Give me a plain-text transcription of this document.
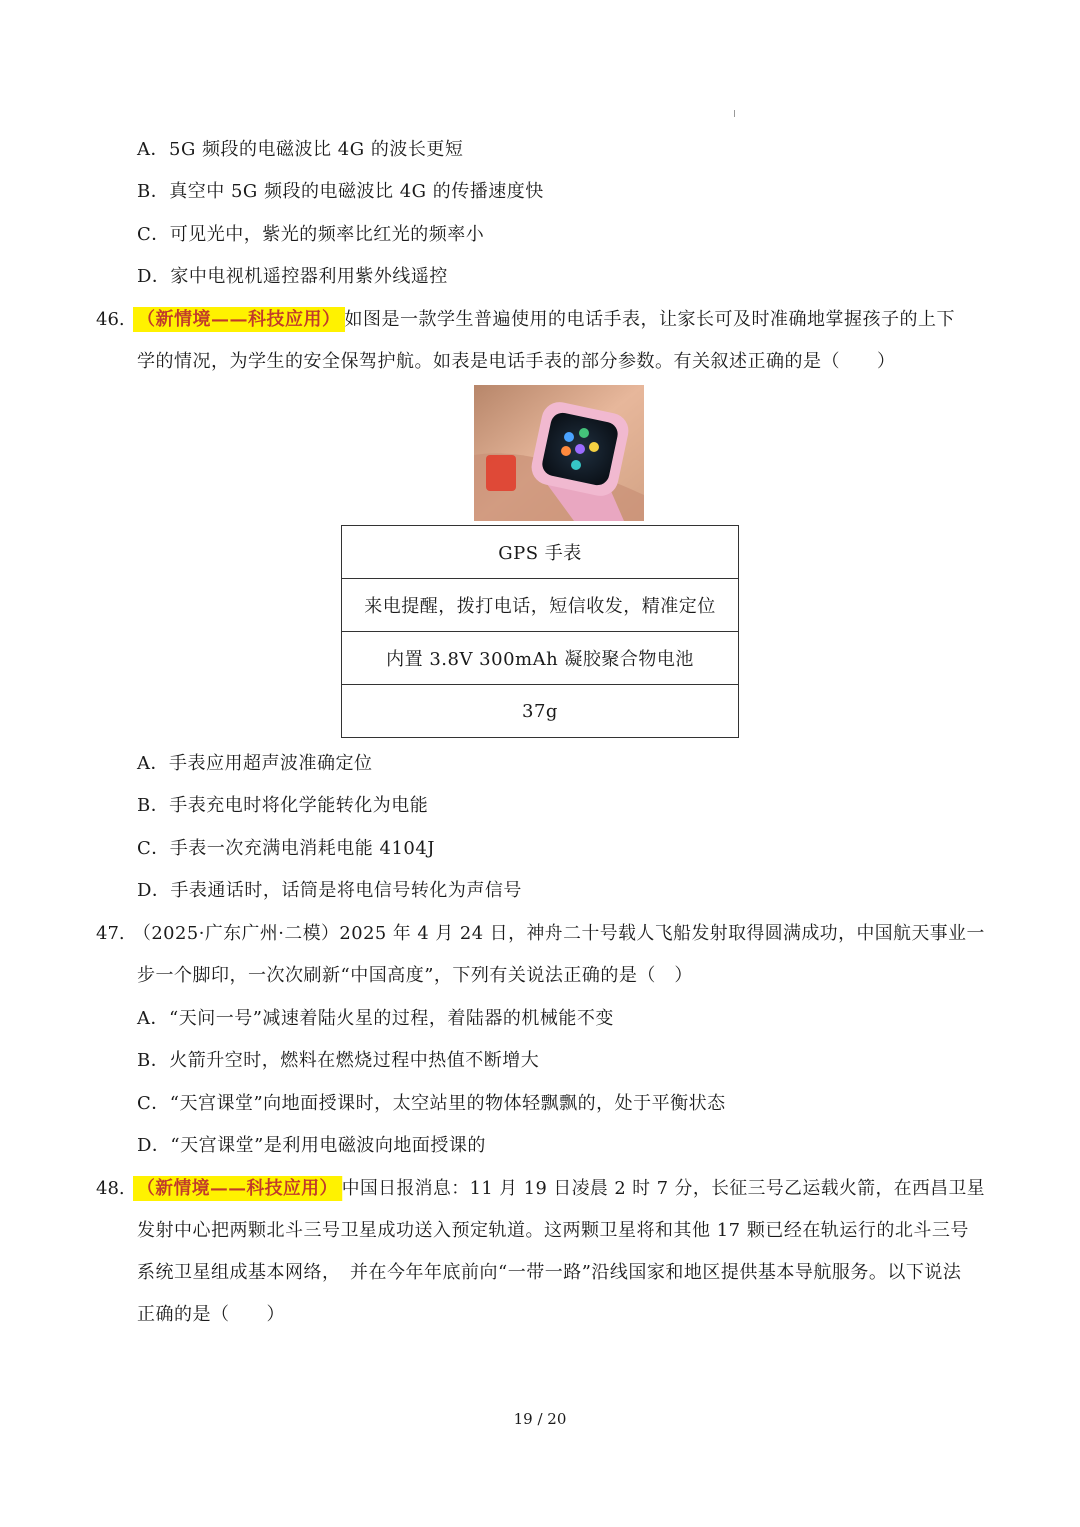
A．5G 频段的电磁波比 4G 的波长更短
B．真空中 5G 频段的电磁波比 4G 的传播速度快
C．可见光中，紫光的频率比红光的频率小
D．家中电视机遥控器利用紫外线遥控
46. （新情境——科技应用） 如图是一款学生普遍使用的电话手表，让家长可及时准确地掌握孩子的上下
学的情况，为学生的安全保驾护航。如表是电话手表的部分参数。有关叙述正确的是（　　）
GPS 手表
来电提醒，拨打电话，短信收发，精准定位
内置 3.8V 300mAh 凝胶聚合物电池
37g
A．手表应用超声波准确定位
B．手表充电时将化学能转化为电能
C．手表一次充满电消耗电能 4104J
D．手表通话时，话筒是将电信号转化为声信号
47. （2025·广东广州·二模）2025 年 4 月 24 日，神舟二十号载人飞船发射取得圆满成功，中国航天事业一
步一个脚印，一次次刷新“中国高度”，下列有关说法正确的是（　）
A．“天问一号”减速着陆火星的过程，着陆器的机械能不变
B．火箭升空时，燃料在燃烧过程中热值不断增大
C．“天宫课堂”向地面授课时，太空站里的物体轻飘飘的，处于平衡状态
D．“天宫课堂”是利用电磁波向地面授课的
48. （新情境——科技应用） 中国日报消息：11 月 19 日凌晨 2 时 7 分，长征三号乙运载火箭，在西昌卫星
发射中心把两颗北斗三号卫星成功送入预定轨道。这两颗卫星将和其他 17 颗已经在轨运行的北斗三号
系统卫星组成基本网络，　并在今年年底前向“一带一路”沿线国家和地区提供基本导航服务。以下说法
正确的是（　　）
19 / 20
